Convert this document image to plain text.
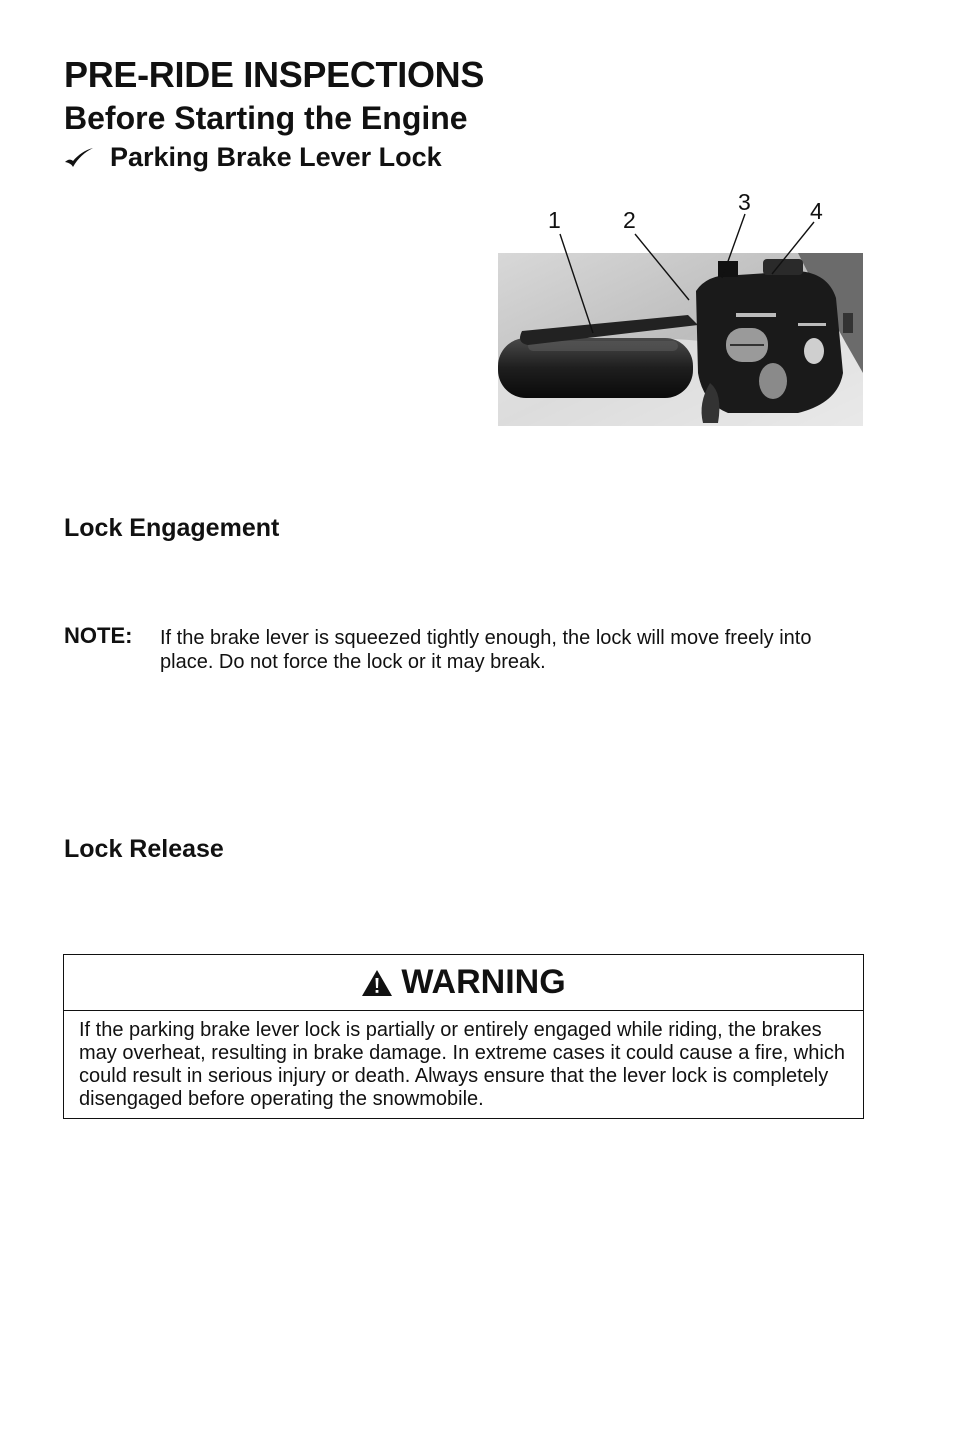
PRE-RIDE INSPECTIONS
Before Starting the Engine
Parking Brake Lever Lock
1	2
3	4
Lock Engagement
NOTE: If the brake lever is squeezed tightly enough, the lock will move freely into place. Do not force the lock or it may break.
Lock Release
WARNING
If the parking brake lever lock is partially or entirely engaged while riding, the brakes may overheat, resulting in brake damage. In extreme cases it could cause a fire, which could result in serious injury or death. Always ensure that the lever lock is completely disengaged before operating the snowmobile.
